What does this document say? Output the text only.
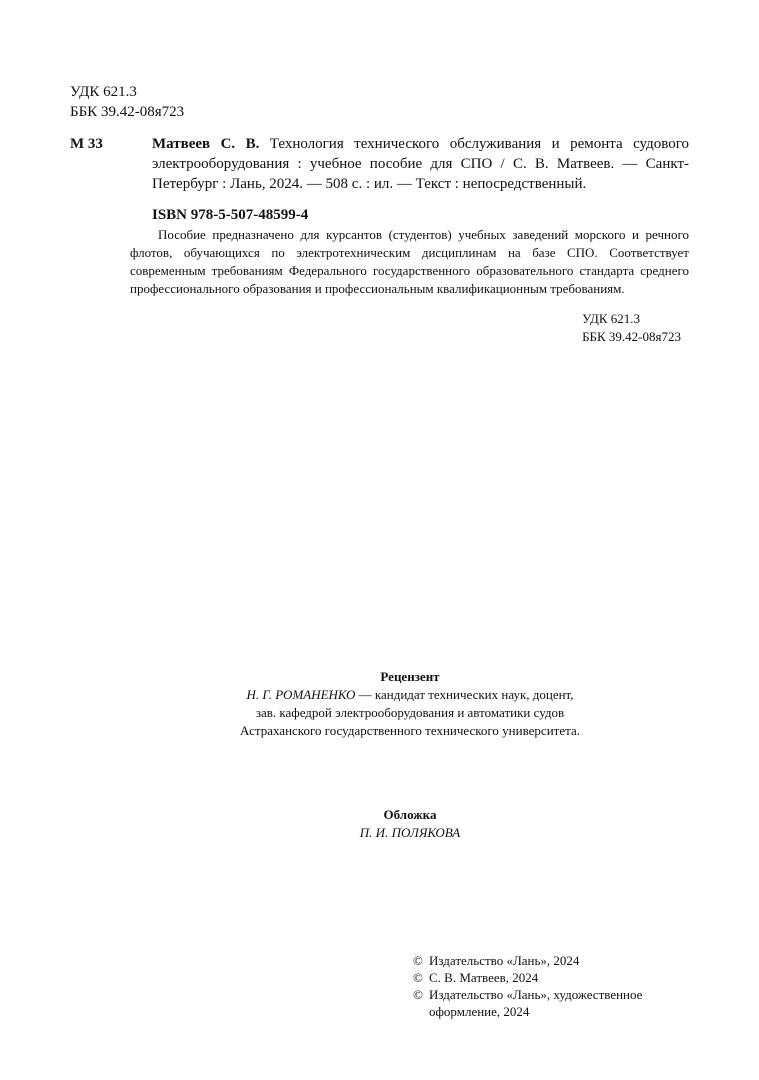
УДК 621.3
ББК 39.42-08я723
М 33	Матвеев С. В. Технология технического обслуживания и ремонта судового электрооборудования : учебное пособие для СПО / С. В. Матвеев. — Санкт-Петербург : Лань, 2024. — 508 с. : ил. — Текст : непосредственный.
ISBN 978-5-507-48599-4
Пособие предназначено для курсантов (студентов) учебных заведений морского и речного флотов, обучающихся по электротехническим дисциплинам на базе СПО. Соответствует современным требованиям Федерального государственного образовательного стандарта среднего профессионального образования и профессиональным квалификационным требованиям.
УДК 621.3
ББК 39.42-08я723
Рецензент
Н. Г. РОМАНЕНКО — кандидат технических наук, доцент,
зав. кафедрой электрооборудования и автоматики судов
Астраханского государственного технического университета.
Обложка
П. И. ПОЛЯКОВА
© Издательство «Лань», 2024
© С. В. Матвеев, 2024
© Издательство «Лань», художественное оформление, 2024
